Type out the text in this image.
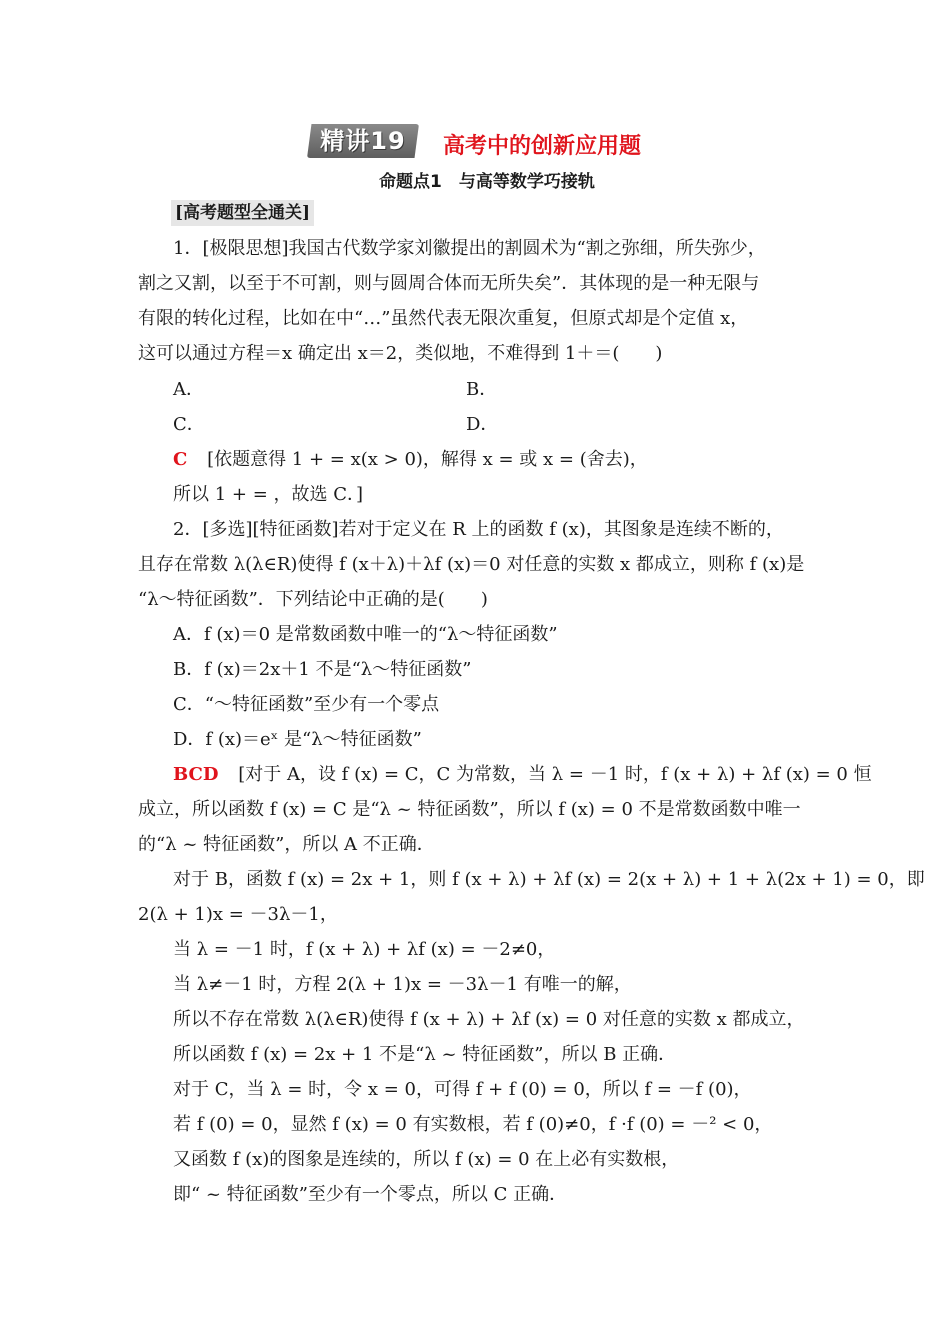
精讲19	高考中的创新应用题
命题点1　与高等数学巧接轨
[高考题型全通关]
1．[极限思想]我国古代数学家刘徽提出的割圆术为“割之弥细，所失弥少，
割之又割，以至于不可割，则与圆周合体而无所失矣”．其体现的是一种无限与
有限的转化过程，比如在中“…”虽然代表无限次重复，但原式却是个定值 x，
这可以通过方程＝x 确定出 x＝2，类似地，不难得到 1＋＝(　　)
A．	B．
C．	D．
C [依题意得 1 + = x(x > 0)，解得 x = 或 x = (舍去)，
所以 1 + = ，故选 C．]
2．[多选][特征函数]若对于定义在 R 上的函数 f (x)，其图象是连续不断的，
且存在常数 λ(λ∈R)使得 f (x＋λ)＋λf (x)＝0 对任意的实数 x 都成立，则称 f (x)是
“λ～特征函数”．下列结论中正确的是(　　)
A．f (x)＝0 是常数函数中唯一的“λ～特征函数”
B．f (x)＝2x＋1 不是“λ～特征函数”
C．“～特征函数”至少有一个零点
D．f (x)＝eˣ 是“λ～特征函数”
BCD [对于 A，设 f (x) = C，C 为常数，当 λ = －1 时，f (x + λ) + λf (x) = 0 恒
成立，所以函数 f (x) = C 是“λ ~ 特征函数”，所以 f (x) = 0 不是常数函数中唯一
的“λ ~ 特征函数”，所以 A 不正确．
对于 B，函数 f (x) = 2x + 1，则 f (x + λ) + λf (x) = 2(x + λ) + 1 + λ(2x + 1) = 0，即
2(λ + 1)x = －3λ－1，
当 λ = －1 时，f (x + λ) + λf (x) = －2≠0，
当 λ≠－1 时，方程 2(λ + 1)x = －3λ－1 有唯一的解，
所以不存在常数 λ(λ∈R)使得 f (x + λ) + λf (x) = 0 对任意的实数 x 都成立，
所以函数 f (x) = 2x + 1 不是“λ ~ 特征函数”，所以 B 正确．
对于 C，当 λ = 时，令 x = 0，可得 f + f (0) = 0，所以 f = －f (0)，
若 f (0) = 0，显然 f (x) = 0 有实数根，若 f (0)≠0，f ·f (0) = －² < 0，
又函数 f (x)的图象是连续的，所以 f (x) = 0 在上必有实数根，
即“ ~ 特征函数”至少有一个零点，所以 C 正确．
